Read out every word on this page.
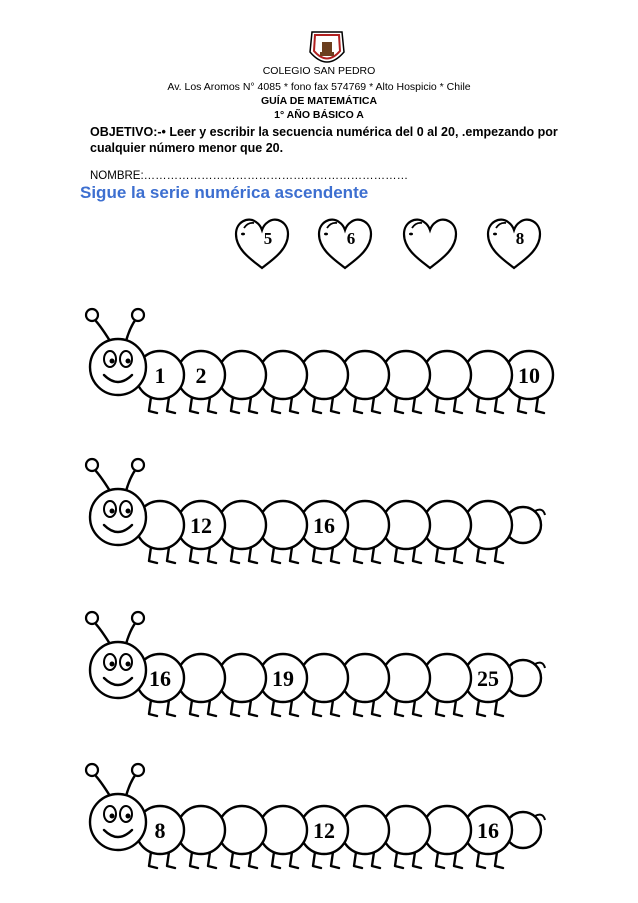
COLEGIO SAN PEDRO
Av. Los Aromos N° 4085 * fono fax 574769 * Alto Hospicio * Chile
GUÍA DE MATEMÁTICA
1° AÑO BÁSICO A
OBJETIVO:-• Leer y escribir la secuencia numérica del 0 al 20, .empezando por cualquier número menor que 20.
NOMBRE:……………………………………………………………
Sigue la serie numérica ascendente
5	6	8
10
2
1
16
12
25
19
16
16
12
8
